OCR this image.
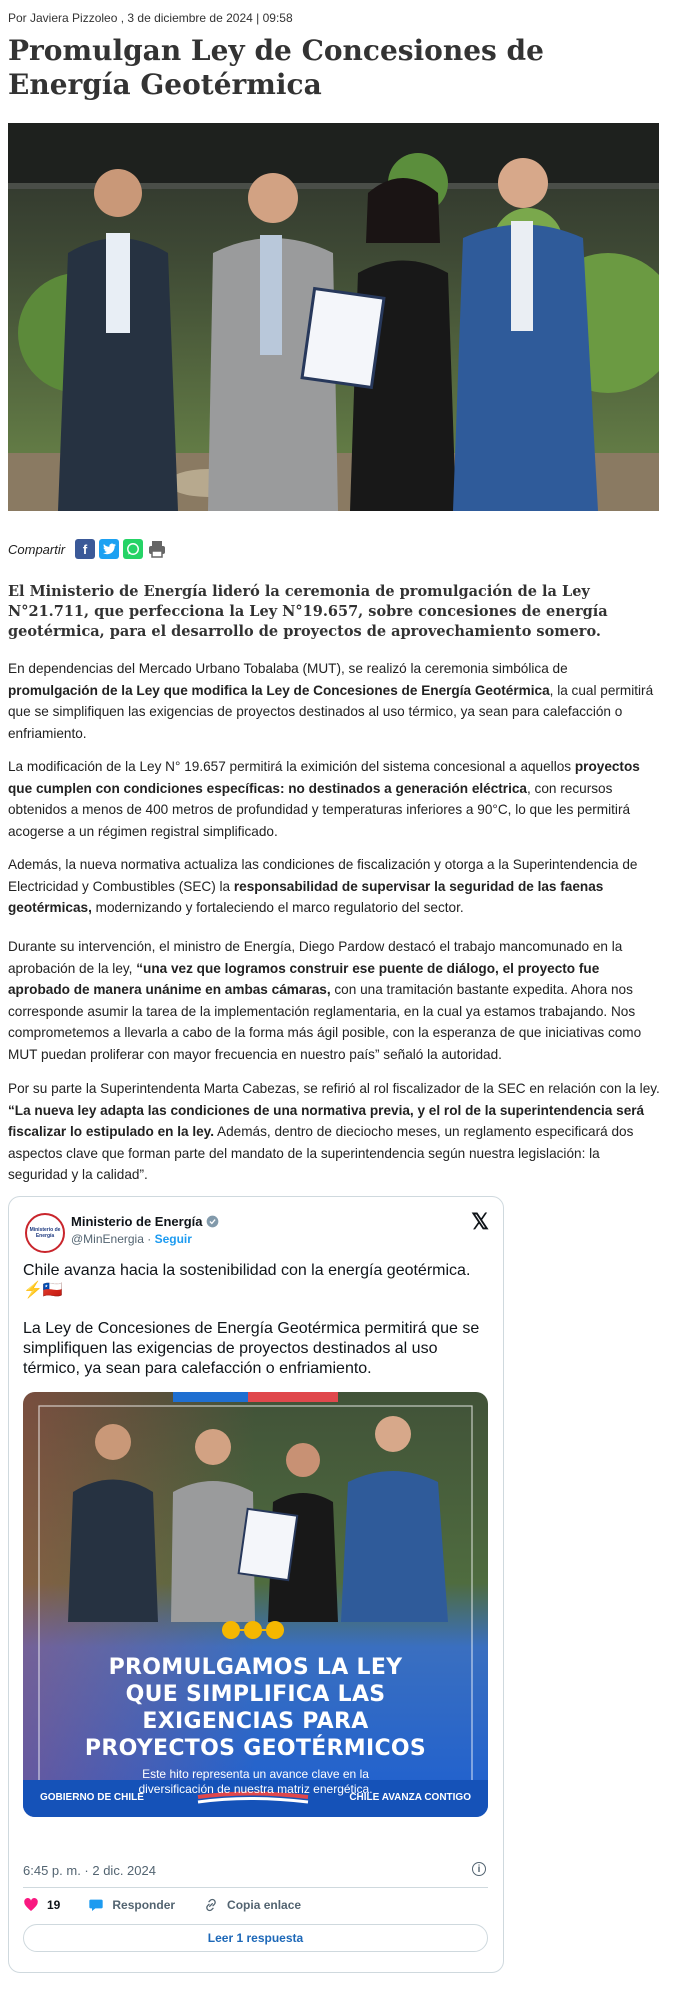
Por Javiera Pizzoleo , 3 de diciembre de 2024 | 09:58
Promulgan Ley de Concesiones de Energía Geotérmica
Compartir	f

El Ministerio de Energía lideró la ceremonia de promulgación de la Ley N°21.711, que perfecciona la Ley N°19.657, sobre concesiones de energía geotérmica, para el desarrollo de proyectos de aprovechamiento somero.

En dependencias del Mercado Urbano Tobalaba (MUT), se realizó la ceremonia simbólica de promulgación de la Ley que modifica la Ley de Concesiones de Energía Geotérmica, la cual permitirá que se simplifiquen las exigencias de proyectos destinados al uso térmico, ya sean para calefacción o enfriamiento.

La modificación de la Ley N° 19.657 permitirá la eximición del sistema concesional a aquellos proyectos que cumplen con condiciones específicas: no destinados a generación eléctrica, con recursos obtenidos a menos de 400 metros de profundidad y temperaturas inferiores a 90°C, lo que les permitirá acogerse a un régimen registral simplificado.

Además, la nueva normativa actualiza las condiciones de fiscalización y otorga a la Superintendencia de Electricidad y Combustibles (SEC) la responsabilidad de supervisar la seguridad de las faenas geotérmicas, modernizando y fortaleciendo el marco regulatorio del sector.

Durante su intervención, el ministro de Energía, Diego Pardow destacó el trabajo mancomunado en la aprobación de la ley, “una vez que logramos construir ese puente de diálogo, el proyecto fue aprobado de manera unánime en ambas cámaras, con una tramitación bastante expedita. Ahora nos corresponde asumir la tarea de la implementación reglamentaria, en la cual ya estamos trabajando. Nos comprometemos a llevarla a cabo de la forma más ágil posible, con la esperanza de que iniciativas como MUT puedan proliferar con mayor frecuencia en nuestro país” señaló la autoridad.

Por su parte la Superintendenta Marta Cabezas, se refirió al rol fiscalizador de la SEC en relación con la ley. “La nueva ley adapta las condiciones de una normativa previa, y el rol de la superintendencia será fiscalizar lo estipulado en la ley. Además, dentro de dieciocho meses, un reglamento especificará dos aspectos clave que forman parte del mandato de la superintendencia según nuestra legislación: la seguridad y la calidad”.

Ministerio de
Energía
Ministerio de Energía
@MinEnergia · Seguir
𝕏

Chile avanza hacia la sostenibilidad con la energía geotérmica. ⚡🇨🇱

La Ley de Concesiones de Energía Geotérmica permitirá que se simplifiquen las exigencias de proyectos destinados al uso térmico, ya sean para calefacción o enfriamiento.

PROMULGAMOS LA LEY
QUE SIMPLIFICA LAS
EXIGENCIAS PARA
PROYECTOS GEOTÉRMICOS
Este hito representa un avance clave en la
diversificación de nuestra matriz energética.
GOBIERNO DE CHILE	CHILE AVANZA CONTIGO
6:45 p. m. · 2 dic. 2024	i
19	Responder	Copia enlace
Leer 1 respuesta
